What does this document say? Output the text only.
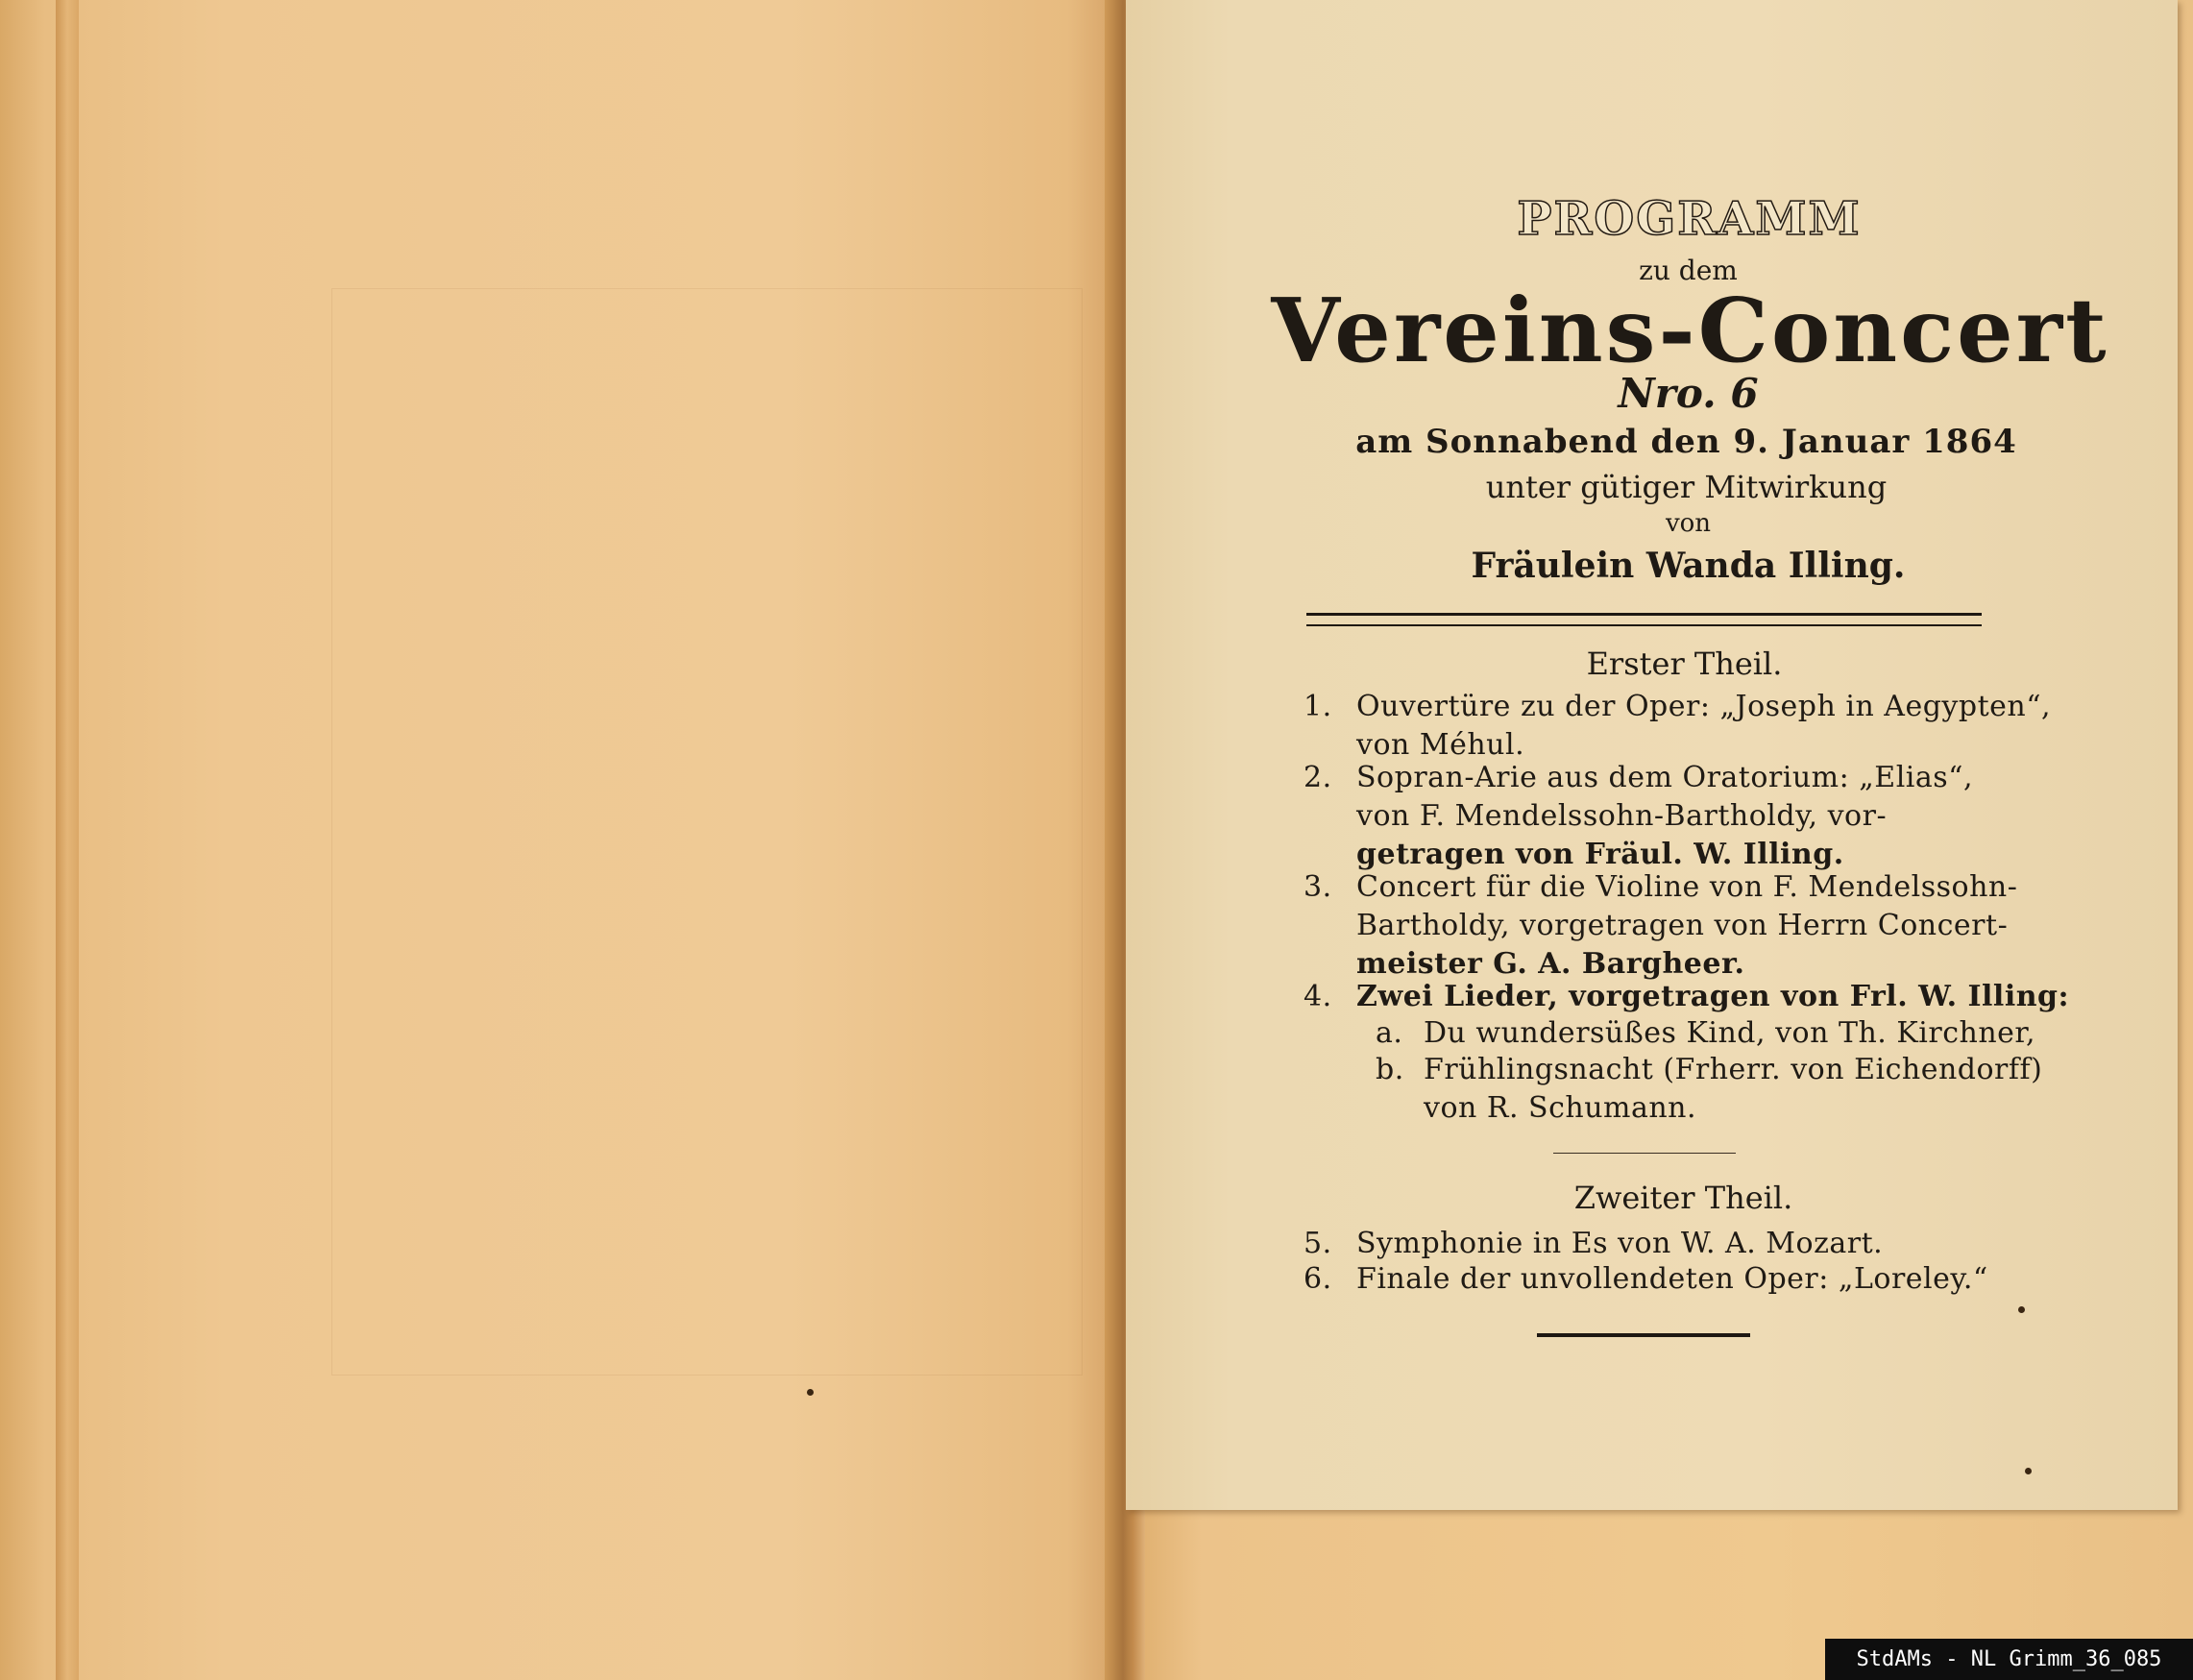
PROGRAMM
zu dem
Vereins-Concert
Nro. 6
am Sonnabend den 9. Januar 1864
unter gütiger Mitwirkung
von
Fräulein Wanda Illing.
Erster Theil.
1. Ouvertüre zu der Oper: „Joseph in Aegypten“,
von Méhul.
2. Sopran-Arie aus dem Oratorium: „Elias“,
von F. Mendelssohn-Bartholdy, vor-
getragen von Fräul. W. Illing.
3. Concert für die Violine von F. Mendelssohn-
Bartholdy, vorgetragen von Herrn Concert-
meister G. A. Bargheer.
4. Zwei Lieder, vorgetragen von Frl. W. Illing:
a. Du wundersüßes Kind, von Th. Kirchner,
b. Frühlingsnacht (Frherr. von Eichendorff)
von R. Schumann.
Zweiter Theil.
5. Symphonie in Es von W. A. Mozart.
6. Finale der unvollendeten Oper: „Loreley.“
StdAMs - NL Grimm_36_085
